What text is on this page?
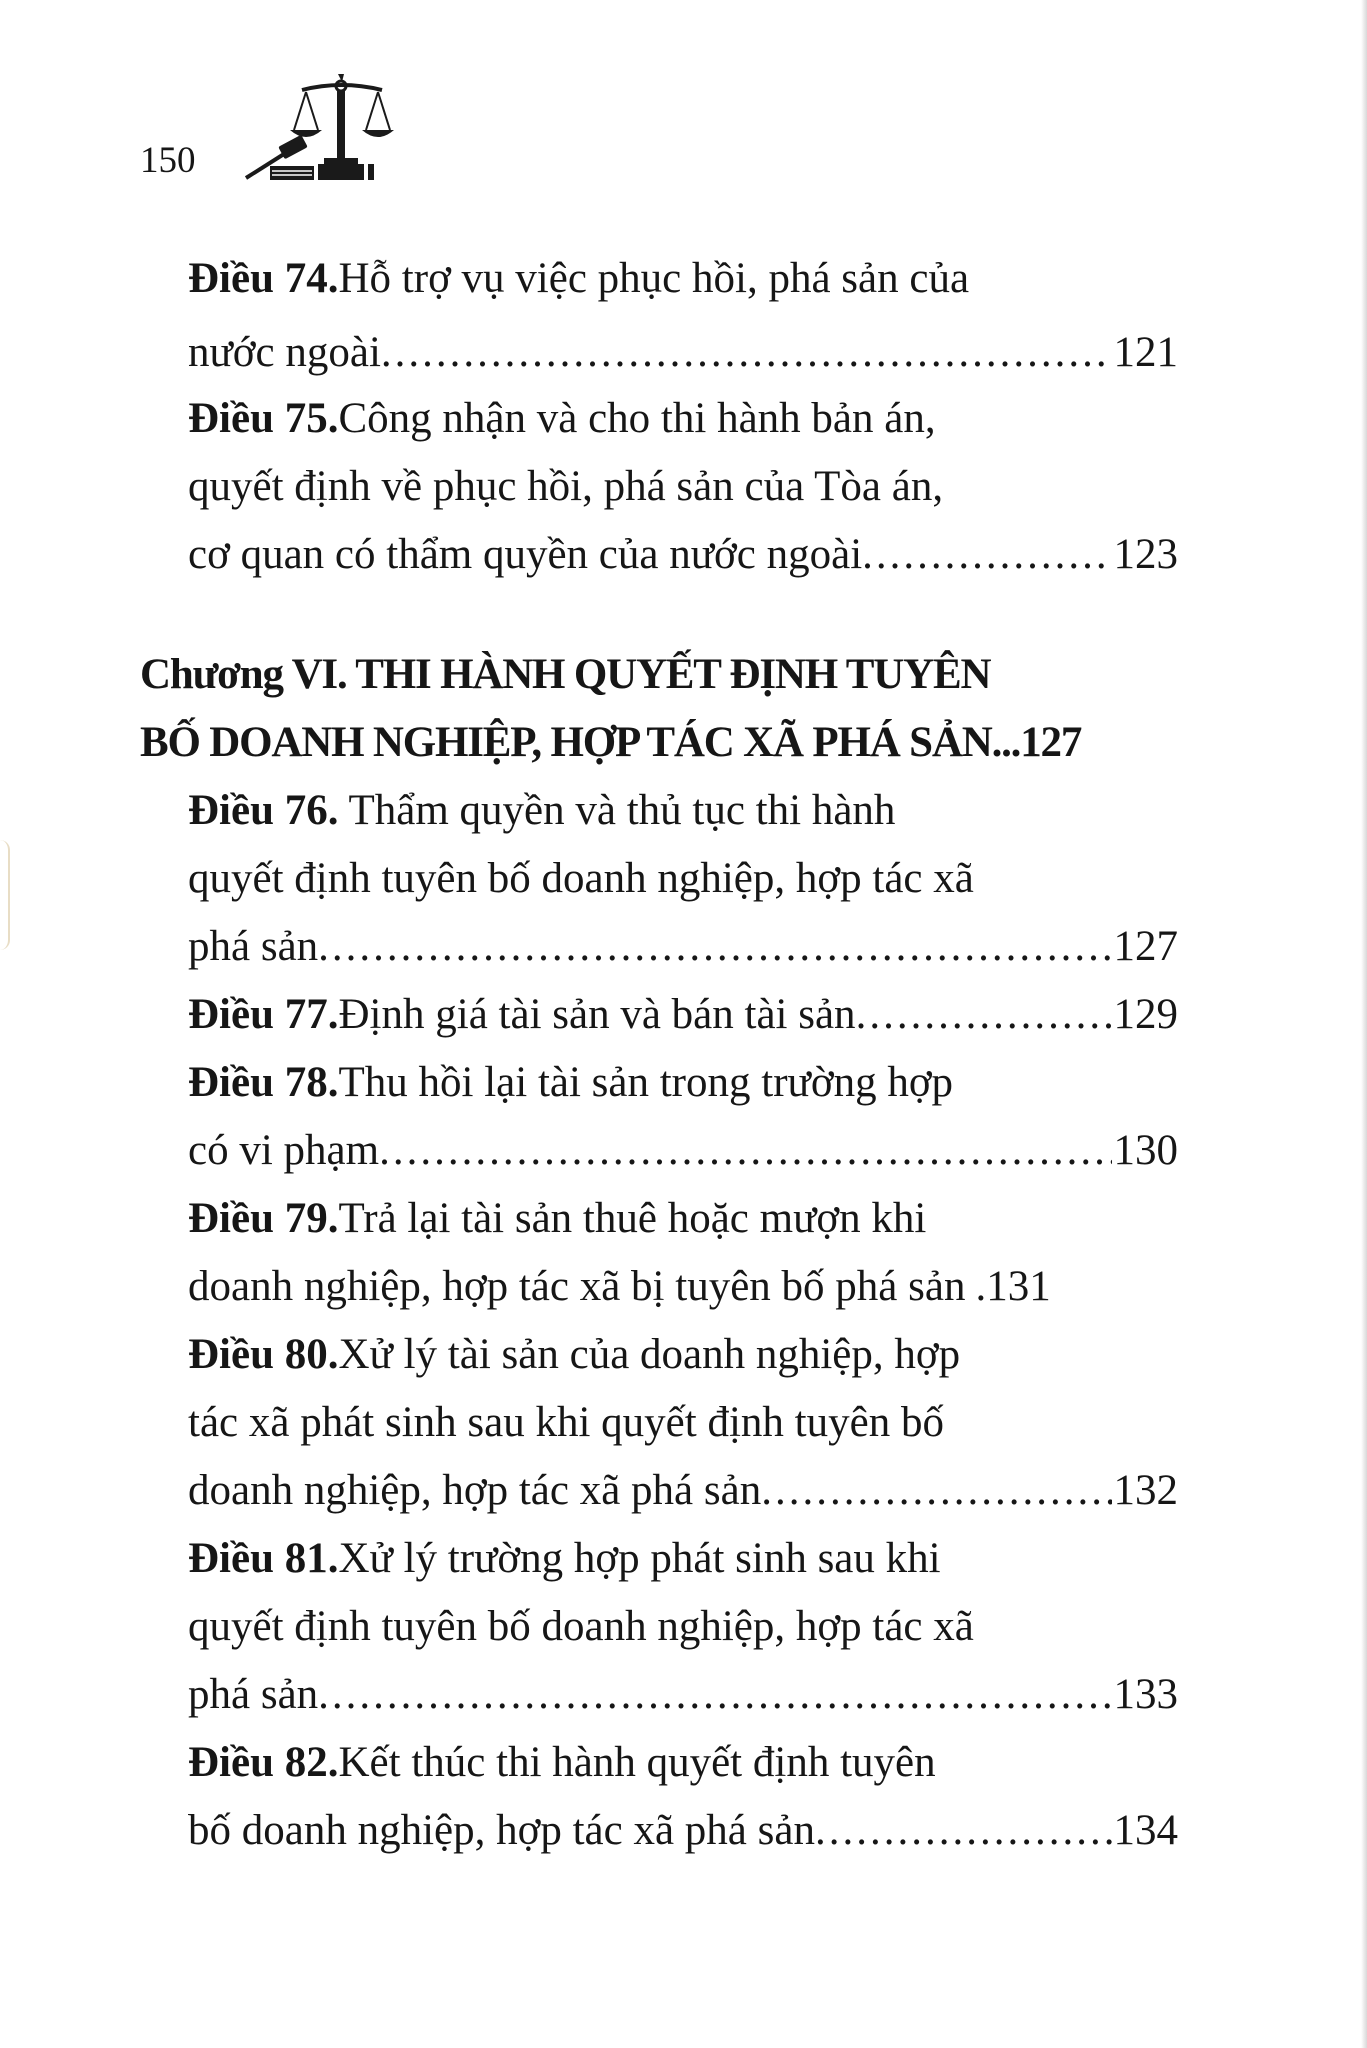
150
Điều 74. Hỗ trợ vụ việc phục hồi, phá sản của
nước ngoài .....	121
Điều 75. Công nhận và cho thi hành bản án,
quyết định về phục hồi, phá sản của Tòa án,
cơ quan có thẩm quyền của nước ngoài .....	123
Chương VI. THI HÀNH QUYẾT ĐỊNH TUYÊN
BỐ DOANH NGHIỆP, HỢP TÁC XÃ PHÁ SẢN ...127
Điều 76. Thẩm quyền và thủ tục thi hành
quyết định tuyên bố doanh nghiệp, hợp tác xã
phá sản .....	127
Điều 77. Định giá tài sản và bán tài sản .....	129
Điều 78. Thu hồi lại tài sản trong trường hợp
có vi phạm .....	130
Điều 79. Trả lại tài sản thuê hoặc mượn khi
doanh nghiệp, hợp tác xã bị tuyên bố phá sản .131
Điều 80. Xử lý tài sản của doanh nghiệp, hợp
tác xã phát sinh sau khi quyết định tuyên bố
doanh nghiệp, hợp tác xã phá sản .....	132
Điều 81. Xử lý trường hợp phát sinh sau khi
quyết định tuyên bố doanh nghiệp, hợp tác xã
phá sản .....	133
Điều 82. Kết thúc thi hành quyết định tuyên
bố doanh nghiệp, hợp tác xã phá sản .....	134
